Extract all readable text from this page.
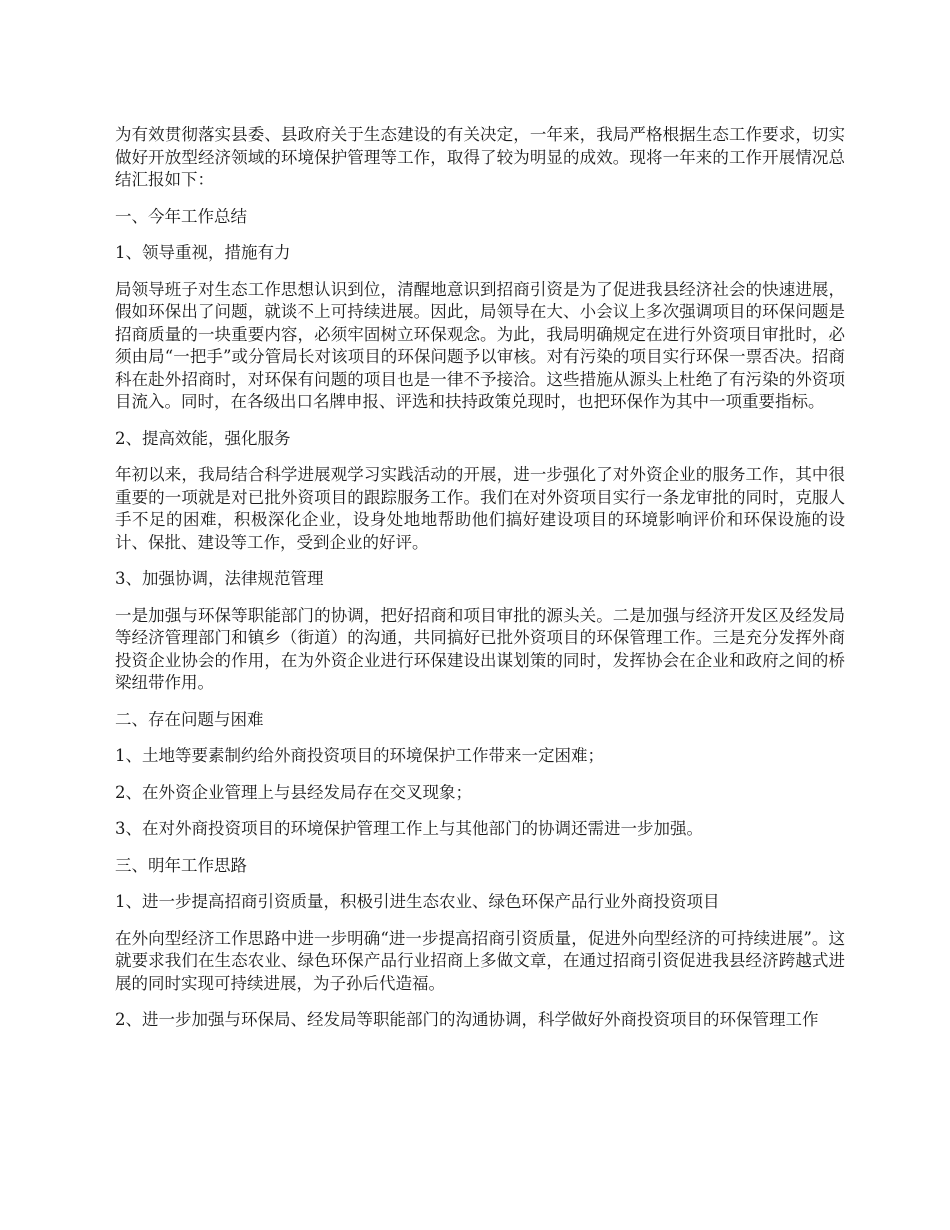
为有效贯彻落实县委、县政府关于生态建设的有关决定，一年来，我局严格根据生态工作要求，切实做好开放型经济领域的环境保护管理等工作，取得了较为明显的成效。现将一年来的工作开展情况总结汇报如下：

一、今年工作总结

1、领导重视，措施有力

局领导班子对生态工作思想认识到位，清醒地意识到招商引资是为了促进我县经济社会的快速进展，假如环保出了问题，就谈不上可持续进展。因此，局领导在大、小会议上多次强调项目的环保问题是招商质量的一块重要内容，必须牢固树立环保观念。为此，我局明确规定在进行外资项目审批时，必须由局“一把手”或分管局长对该项目的环保问题予以审核。对有污染的项目实行环保一票否决。招商科在赴外招商时，对环保有问题的项目也是一律不予接洽。这些措施从源头上杜绝了有污染的外资项目流入。同时，在各级出口名牌申报、评选和扶持政策兑现时，也把环保作为其中一项重要指标。

2、提高效能，强化服务

年初以来，我局结合科学进展观学习实践活动的开展，进一步强化了对外资企业的服务工作，其中很重要的一项就是对已批外资项目的跟踪服务工作。我们在对外资项目实行一条龙审批的同时，克服人手不足的困难，积极深化企业，设身处地地帮助他们搞好建设项目的环境影响评价和环保设施的设计、保批、建设等工作，受到企业的好评。

3、加强协调，法律规范管理

一是加强与环保等职能部门的协调，把好招商和项目审批的源头关。二是加强与经济开发区及经发局等经济管理部门和镇乡（街道）的沟通，共同搞好已批外资项目的环保管理工作。三是充分发挥外商投资企业协会的作用，在为外资企业进行环保建设出谋划策的同时，发挥协会在企业和政府之间的桥梁纽带作用。

二、存在问题与困难

1、土地等要素制约给外商投资项目的环境保护工作带来一定困难；

2、在外资企业管理上与县经发局存在交叉现象；

3、在对外商投资项目的环境保护管理工作上与其他部门的协调还需进一步加强。

三、明年工作思路

1、进一步提高招商引资质量，积极引进生态农业、绿色环保产品行业外商投资项目

在外向型经济工作思路中进一步明确“进一步提高招商引资质量，促进外向型经济的可持续进展”。这就要求我们在生态农业、绿色环保产品行业招商上多做文章，在通过招商引资促进我县经济跨越式进展的同时实现可持续进展，为子孙后代造福。

2、进一步加强与环保局、经发局等职能部门的沟通协调，科学做好外商投资项目的环保管理工作
